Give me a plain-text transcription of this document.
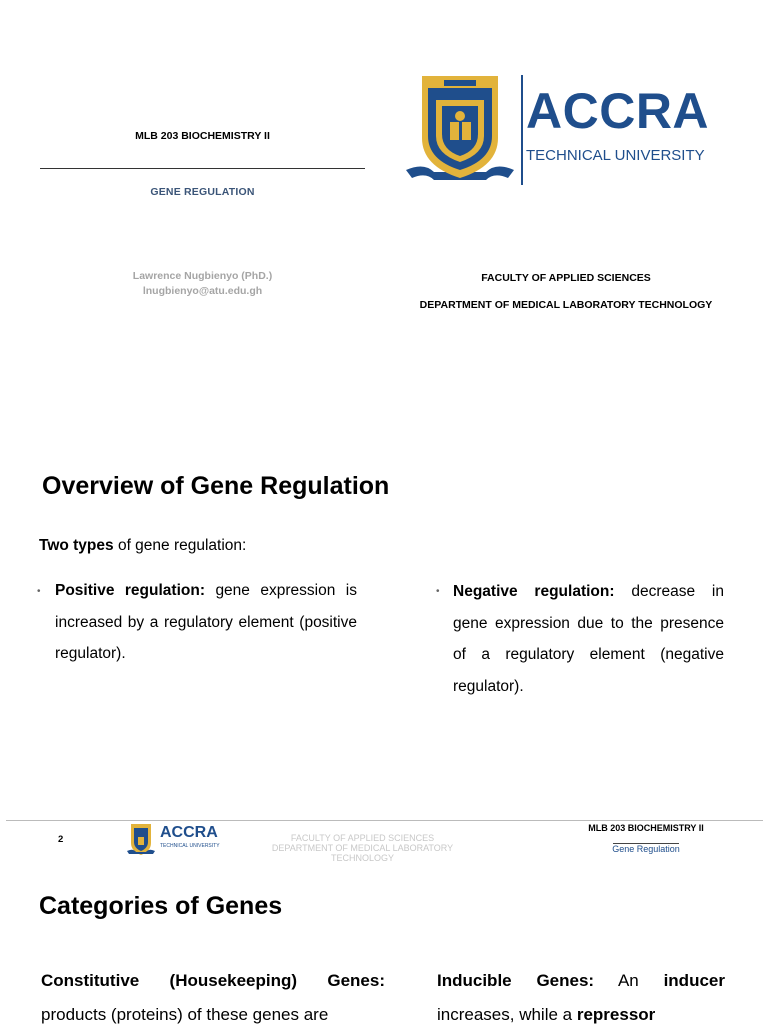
MLB 203 BIOCHEMISTRY II
GENE REGULATION
Lawrence Nugbienyo (PhD.)
lnugbienyo@atu.edu.gh
ACCRA
TECHNICAL UNIVERSITY
FACULTY OF APPLIED SCIENCES
DEPARTMENT OF MEDICAL LABORATORY TECHNOLOGY
Overview of Gene Regulation
Two types of gene regulation:
• Positive regulation: gene expression is increased by a regulatory element (positive regulator).
• Negative regulation: decrease in gene expression due to the presence of a regulatory element (negative regulator).
2	ACCRA
TECHNICAL UNIVERSITY
FACULTY OF APPLIED SCIENCES
DEPARTMENT OF MEDICAL LABORATORY TECHNOLOGY
MLB 203 BIOCHEMISTRY II
Gene Regulation
Categories of Genes
Constitutive (Housekeeping) Genes: products (proteins) of these genes are
Inducible Genes: An inducer increases, while a repressor
